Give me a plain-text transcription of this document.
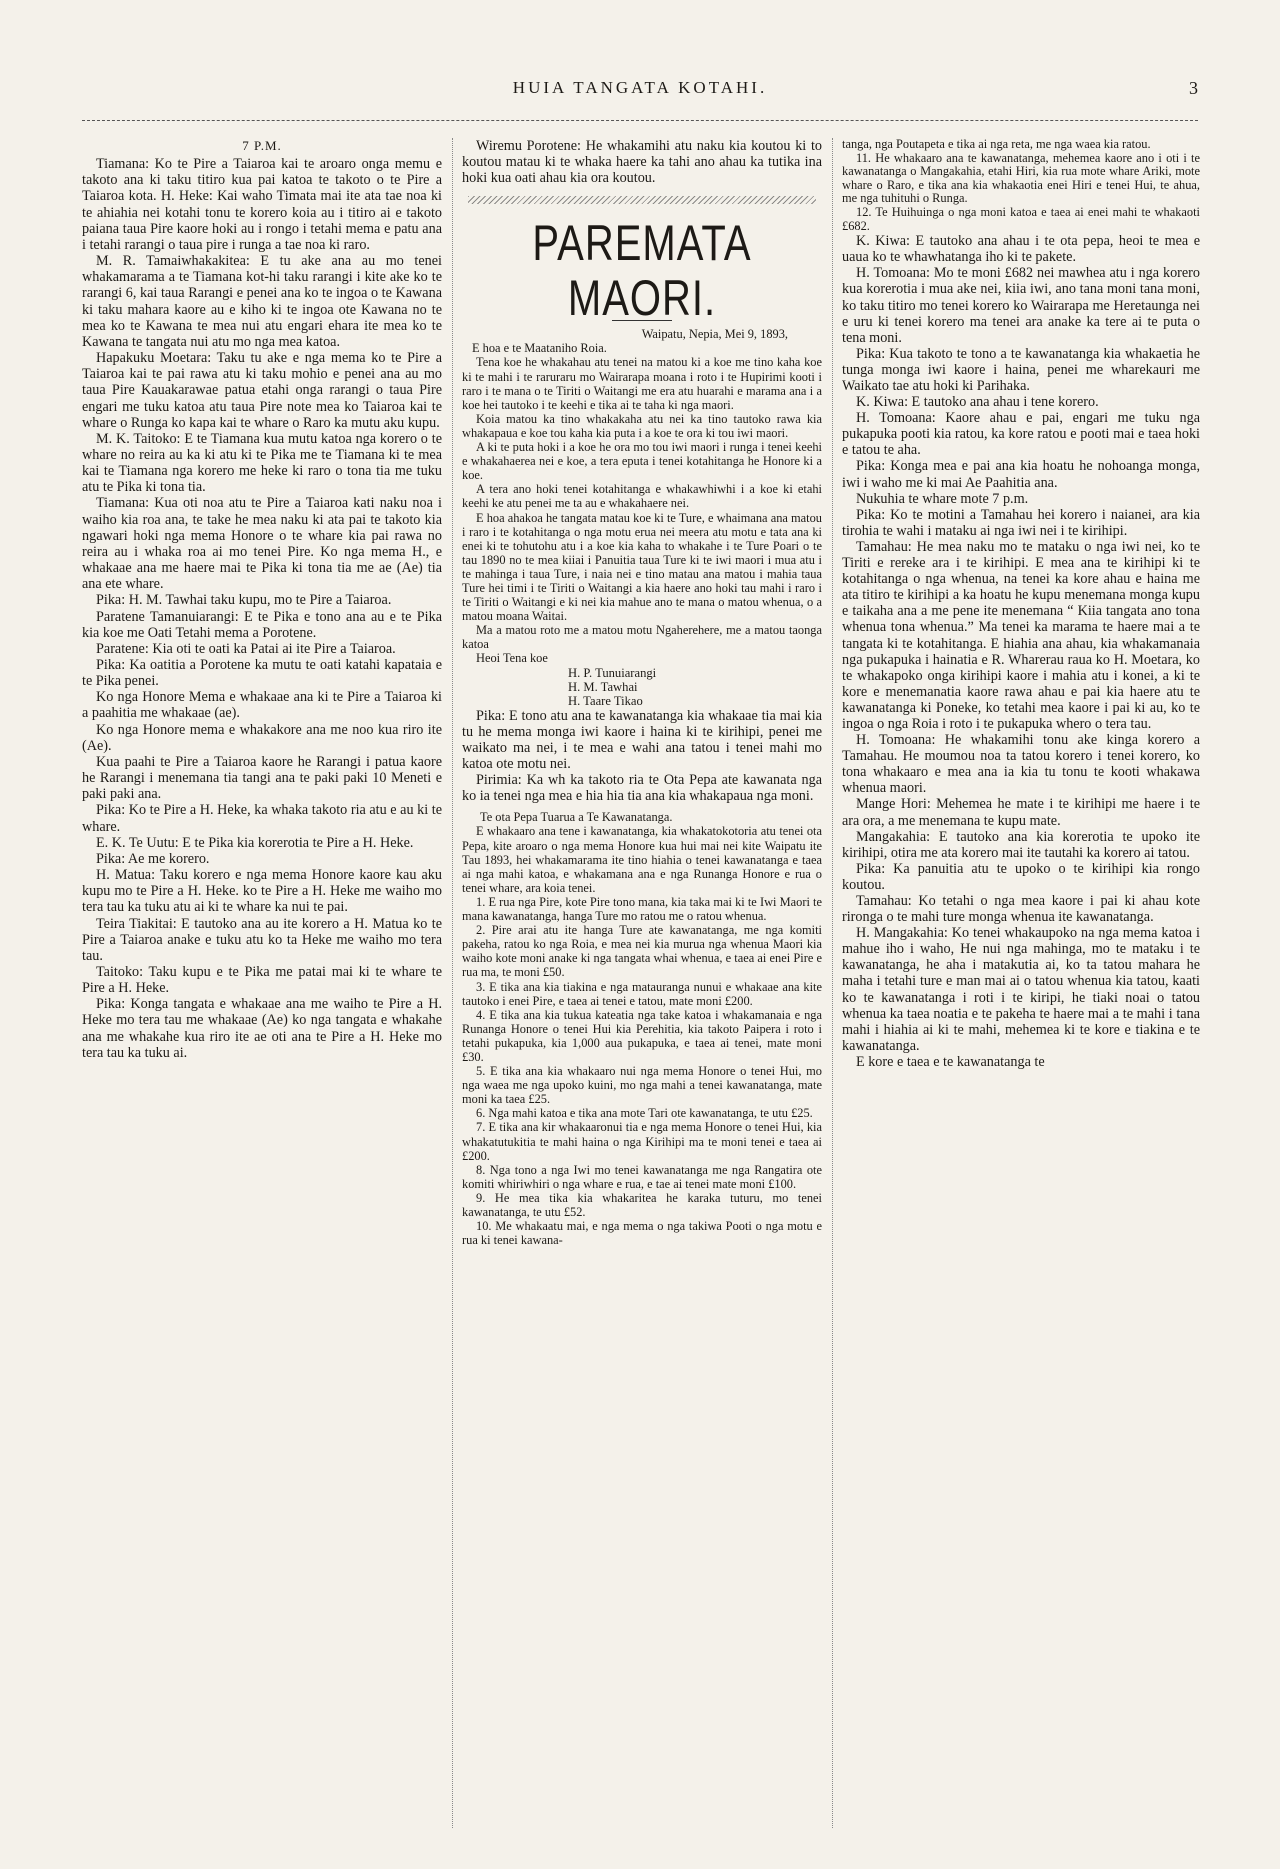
HUIA TANGATA KOTAHI.	3

7 P.M.

Tiamana: Ko te Pire a Taiaroa kai te aroaro onga memu e takoto ana ki taku titiro kua pai katoa te takoto o te Pire a Taiaroa kota. H. Heke: Kai waho Timata mai ite ata tae noa ki te ahiahia nei kotahi tonu te korero koia au i titiro ai e takoto paiana taua Pire kaore hoki au i rongo i tetahi mema e patu ana i tetahi rarangi o taua pire i runga a tae noa ki raro.

M. R. Tamaiwhakakitea: E tu ake ana au mo tenei whakamarama a te Tiamana kot-hi taku rarangi i kite ake ko te rarangi 6, kai taua Rarangi e penei ana ko te ingoa o te Kawana ki taku mahara kaore au e kiho ki te ingoa ote Kawana no te mea ko te Kawana te mea nui atu engari ehara ite mea ko te Kawana te tangata nui atu mo nga mea katoa.

Hapakuku Moetara: Taku tu ake e nga mema ko te Pire a Taiaroa kai te pai rawa atu ki taku mohio e penei ana au mo taua Pire Kauakarawae patua etahi onga rarangi o taua Pire engari me tuku katoa atu taua Pire note mea ko Taiaroa kai te whare o Runga ko kapa kai te whare o Raro ka mutu aku kupu.

M. K. Taitoko: E te Tiamana kua mutu katoa nga korero o te whare no reira au ka ki atu ki te Pika me te Tiamana ki te mea kai te Tiamana nga korero me heke ki raro o tona tia me tuku atu te Pika ki tona tia.

Tiamana: Kua oti noa atu te Pire a Taiaroa kati naku noa i waiho kia roa ana, te take he mea naku ki ata pai te takoto kia ngawari hoki nga mema Honore o te whare kia pai rawa no reira au i whaka roa ai mo tenei Pire. Ko nga mema H., e whakaae ana me haere mai te Pika ki tona tia me ae (Ae) tia ana ete whare.

Pika: H. M. Tawhai taku kupu, mo te Pire a Taiaroa.

Paratene Tamanuiarangi: E te Pika e tono ana au e te Pika kia koe me Oati Tetahi mema a Porotene.

Paratene: Kia oti te oati ka Patai ai ite Pire a Taiaroa.

Pika: Ka oatitia a Porotene ka mutu te oati katahi kapataia e te Pika penei.

Ko nga Honore Mema e whakaae ana ki te Pire a Taiaroa ki a paahitia me whakaae (ae).

Ko nga Honore mema e whakakore ana me noo kua riro ite (Ae).

Kua paahi te Pire a Taiaroa kaore he Rarangi i patua kaore he Rarangi i menemana tia tangi ana te paki paki 10 Meneti e paki paki ana.

Pika: Ko te Pire a H. Heke, ka whaka takoto ria atu e au ki te whare.

E. K. Te Uutu: E te Pika kia korerotia te Pire a H. Heke.

Pika: Ae me korero.

H. Matua: Taku korero e nga mema Honore kaore kau aku kupu mo te Pire a H. Heke. ko te Pire a H. Heke me waiho mo tera tau ka tuku atu ai ki te whare ka nui te pai.

Teira Tiakitai: E tautoko ana au ite korero a H. Matua ko te Pire a Taiaroa anake e tuku atu ko ta Heke me waiho mo tera tau.

Taitoko: Taku kupu e te Pika me patai mai ki te whare te Pire a H. Heke.

Pika: Konga tangata e whakaae ana me waiho te Pire a H. Heke mo tera tau me whakaae (Ae) ko nga tangata e whakahe ana me whakahe kua riro ite ae oti ana te Pire a H. Heke mo tera tau ka tuku ai.

Wiremu Porotene: He whakamihi atu naku kia koutou ki to koutou matau ki te whaka haere ka tahi ano ahau ka tutika ina hoki kua oati ahau kia ora koutou.

PAREMATA MAORI.

Waipatu, Nepia, Mei 9, 1893,

E hoa e te Maataniho Roia.

Tena koe he whakahau atu tenei na matou ki a koe me tino kaha koe ki te mahi i te raruraru mo Wairarapa moana i roto i te Hupirimi kooti i raro i te mana o te Tiriti o Waitangi me era atu huarahi e marama ana i a koe hei tautoko i te keehi e tika ai te taha ki nga maori.

Koia matou ka tino whakakaha atu nei ka tino tautoko rawa kia whakapaua e koe tou kaha kia puta i a koe te ora ki tou iwi maori.

A ki te puta hoki i a koe he ora mo tou iwi maori i runga i tenei keehi e whakahaerea nei e koe, a tera eputa i tenei kotahitanga he Honore ki a koe.

A tera ano hoki tenei kotahitanga e whakawhiwhi i a koe ki etahi keehi ke atu penei me ta au e whakahaere nei.

E hoa ahakoa he tangata matau koe ki te Ture, e whaimana ana matou i raro i te kotahitanga o nga motu erua nei meera atu motu e tata ana ki enei ki te tohutohu atu i a koe kia kaha to whakahe i te Ture Poari o te tau 1890 no te mea kiiai i Panuitia taua Ture ki te iwi maori i mua atu i te mahinga i taua Ture, i naia nei e tino matau ana matou i mahia taua Ture hei timi i te Tiriti o Waitangi a kia haere ano hoki tau mahi i raro i te Tiriti o Waitangi e ki nei kia mahue ano te mana o matou whenua, o a matou moana Waitai.

Ma a matou roto me a matou motu Ngaherehere, me a matou taonga katoa

Heoi Tena koe

H. P. Tunuiarangi

H. M. Tawhai

H. Taare Tikao

Pika: E tono atu ana te kawanatanga kia whakaae tia mai kia tu he mema monga iwi kaore i haina ki te kirihipi, penei me waikato ma nei, i te mea e wahi ana tatou i tenei mahi mo katoa ote motu nei.

Pirimia: Ka wh ka takoto ria te Ota Pepa ate kawanata nga ko ia tenei nga mea e hia hia tia ana kia whakapaua nga moni.

Te ota Pepa Tuarua a Te Kawanatanga.

E whakaaro ana tene i kawanatanga, kia whakatokotoria atu tenei ota Pepa, kite aroaro o nga mema Honore kua hui mai nei kite Waipatu ite Tau 1893, hei whakamarama ite tino hiahia o tenei kawanatanga e taea ai nga mahi katoa, e whakamana ana e nga Runanga Honore e rua o tenei whare, ara koia tenei.

1. E rua nga Pire, kote Pire tono mana, kia taka mai ki te Iwi Maori te mana kawanatanga, hanga Ture mo ratou me o ratou whenua.

2. Pire arai atu ite hanga Ture ate kawanatanga, me nga komiti pakeha, ratou ko nga Roia, e mea nei kia murua nga whenua Maori kia waiho kote moni anake ki nga tangata whai whenua, e taea ai enei Pire e rua ma, te moni £50.

3. E tika ana kia tiakina e nga matauranga nunui e whakaae ana kite tautoko i enei Pire, e taea ai tenei e tatou, mate moni £200.

4. E tika ana kia tukua kateatia nga take katoa i whakamanaia e nga Runanga Honore o tenei Hui kia Perehitia, kia takoto Paipera i roto i tetahi pukapuka, kia 1,000 aua pukapuka, e taea ai tenei, mate moni £30.

5. E tika ana kia whakaaro nui nga mema Honore o tenei Hui, mo nga waea me nga upoko kuini, mo nga mahi a tenei kawanatanga, mate moni ka taea £25.

6. Nga mahi katoa e tika ana mote Tari ote kawanatanga, te utu £25.

7. E tika ana kir whakaaronui tia e nga mema Honore o tenei Hui, kia whakatutukitia te mahi haina o nga Kirihipi ma te moni tenei e taea ai £200.

8. Nga tono a nga Iwi mo tenei kawanatanga me nga Rangatira ote komiti whiriwhiri o nga whare e rua, e tae ai tenei mate moni £100.

9. He mea tika kia whakaritea he karaka tuturu, mo tenei kawanatanga, te utu £52.

10. Me whakaatu mai, e nga mema o nga takiwa Pooti o nga motu e rua ki tenei kawana-

tanga, nga Poutapeta e tika ai nga reta, me nga waea kia ratou.

11. He whakaaro ana te kawanatanga, mehemea kaore ano i oti i te kawanatanga o Mangakahia, etahi Hiri, kia rua mote whare Ariki, mote whare o Raro, e tika ana kia whakaotia enei Hiri e tenei Hui, te ahua, me nga tuhituhi o Runga.

12. Te Huihuinga o nga moni katoa e taea ai enei mahi te whakaoti £682.

K. Kiwa: E tautoko ana ahau i te ota pepa, heoi te mea e uaua ko te whawhatanga iho ki te pakete.

H. Tomoana: Mo te moni £682 nei mawhea atu i nga korero kua korerotia i mua ake nei, kiia iwi, ano tana moni tana moni, ko taku titiro mo tenei korero ko Wairarapa me Heretaunga nei e uru ki tenei korero ma tenei ara anake ka tere ai te puta o tena moni.

Pika: Kua takoto te tono a te kawanatanga kia whakaetia he tunga monga iwi kaore i haina, penei me wharekauri me Waikato tae atu hoki ki Parihaka.

K. Kiwa: E tautoko ana ahau i tene korero.

H. Tomoana: Kaore ahau e pai, engari me tuku nga pukapuka pooti kia ratou, ka kore ratou e pooti mai e taea hoki e tatou te aha.

Pika: Konga mea e pai ana kia hoatu he nohoanga monga, iwi i waho me ki mai Ae Paahitia ana.

Nukuhia te whare mote 7 p.m.

Pika: Ko te motini a Tamahau hei korero i naianei, ara kia tirohia te wahi i mataku ai nga iwi nei i te kirihipi.

Tamahau: He mea naku mo te mataku o nga iwi nei, ko te Tiriti e rereke ara i te kirihipi. E mea ana te kirihipi ki te kotahitanga o nga whenua, na tenei ka kore ahau e haina me ata titiro te kirihipi a ka hoatu he kupu menemana monga kupu e taikaha ana a me pene ite menemana “ Kiia tangata ano tona whenua tona whenua.” Ma tenei ka marama te haere mai a te tangata ki te kotahitanga. E hiahia ana ahau, kia whakamanaia nga pukapuka i hainatia e R. Wharerau raua ko H. Moetara, ko te whakapoko onga kirihipi kaore i mahia atu i konei, a ki te kore e menemanatia kaore rawa ahau e pai kia haere atu te kawanatanga ki Poneke, ko tetahi mea kaore i pai ki au, ko te ingoa o nga Roia i roto i te pukapuka whero o tera tau.

H. Tomoana: He whakamihi tonu ake kinga korero a Tamahau. He moumou noa ta tatou korero i tenei korero, ko tona whakaaro e mea ana ia kia tu tonu te kooti whakawa whenua maori.

Mange Hori: Mehemea he mate i te kirihipi me haere i te ara ora, a me menemana te kupu mate.

Mangakahia: E tautoko ana kia korerotia te upoko ite kirihipi, otira me ata korero mai ite tautahi ka korero ai tatou.

Pika: Ka panuitia atu te upoko o te kirihipi kia rongo koutou.

Tamahau: Ko tetahi o nga mea kaore i pai ki ahau kote rironga o te mahi ture monga whenua ite kawanatanga.

H. Mangakahia: Ko tenei whakaupoko na nga mema katoa i mahue iho i waho, He nui nga mahinga, mo te mataku i te kawanatanga, he aha i matakutia ai, ko ta tatou mahara he maha i tetahi ture e man mai ai o tatou whenua kia tatou, kaati ko te kawanatanga i roti i te kiripi, he tiaki noai o tatou whenua ka taea noatia e te pakeha te haere mai a te mahi i tana mahi i hiahia ai ki te mahi, mehemea ki te kore e tiakina e te kawanatanga.

E kore e taea e te kawanatanga te
